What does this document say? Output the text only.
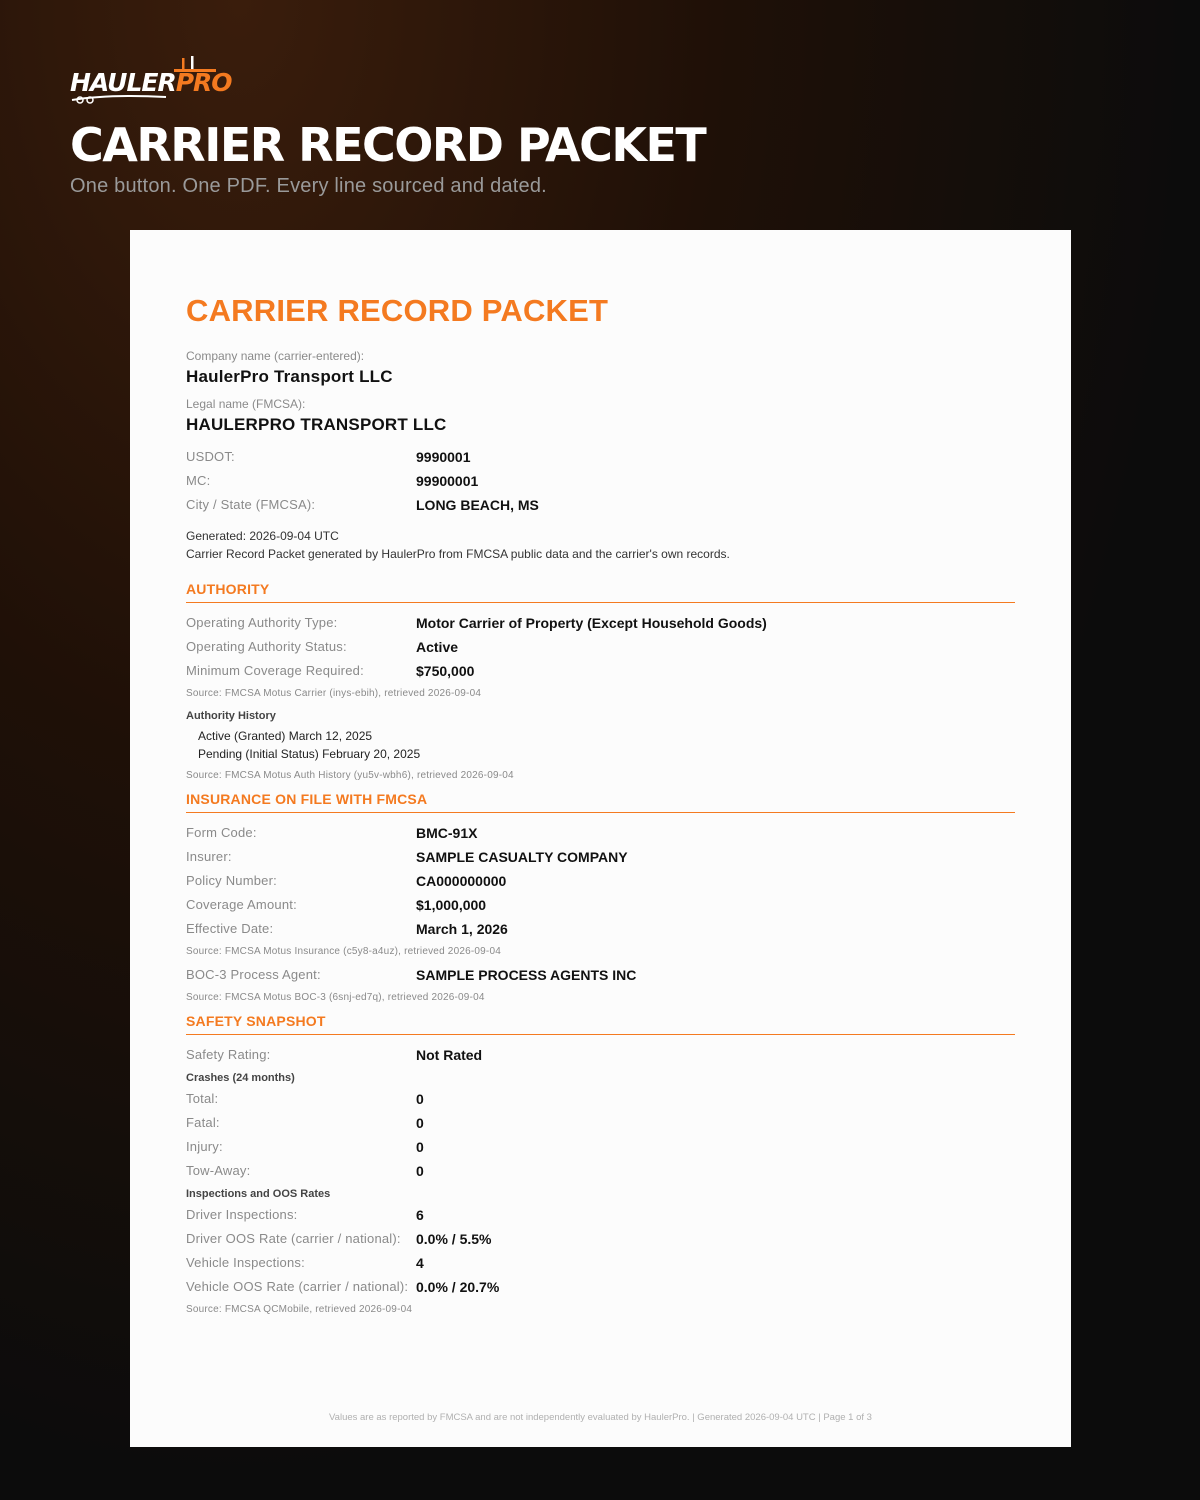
HAULERPRO
CARRIER RECORD PACKET
One button. One PDF. Every line sourced and dated.
CARRIER RECORD PACKET
Company name (carrier-entered):
HaulerPro Transport LLC
Legal name (FMCSA):
HAULERPRO TRANSPORT LLC
USDOT:	9990001
MC:	99900001
City / State (FMCSA):	LONG BEACH, MS
Generated: 2026-09-04 UTC
Carrier Record Packet generated by HaulerPro from FMCSA public data and the carrier's own records.
AUTHORITY
Operating Authority Type:	Motor Carrier of Property (Except Household Goods)
Operating Authority Status:	Active
Minimum Coverage Required:	$750,000
Source: FMCSA Motus Carrier (inys-ebih), retrieved 2026-09-04
Authority History
Active (Granted) March 12, 2025
Pending (Initial Status) February 20, 2025
Source: FMCSA Motus Auth History (yu5v-wbh6), retrieved 2026-09-04
INSURANCE ON FILE WITH FMCSA
Form Code:	BMC-91X
Insurer:	SAMPLE CASUALTY COMPANY
Policy Number:	CA000000000
Coverage Amount:	$1,000,000
Effective Date:	March 1, 2026
Source: FMCSA Motus Insurance (c5y8-a4uz), retrieved 2026-09-04
BOC-3 Process Agent:	SAMPLE PROCESS AGENTS INC
Source: FMCSA Motus BOC-3 (6snj-ed7q), retrieved 2026-09-04
SAFETY SNAPSHOT
Safety Rating:	Not Rated
Crashes (24 months)
Total:	0
Fatal:	0
Injury:	0
Tow-Away:	0
Inspections and OOS Rates
Driver Inspections:	6
Driver OOS Rate (carrier / national): 0.0% / 5.5%
Vehicle Inspections:	4
Vehicle OOS Rate (carrier / national): 0.0% / 20.7%
Source: FMCSA QCMobile, retrieved 2026-09-04
Values are as reported by FMCSA and are not independently evaluated by HaulerPro. | Generated 2026-09-04 UTC | Page 1 of 3
